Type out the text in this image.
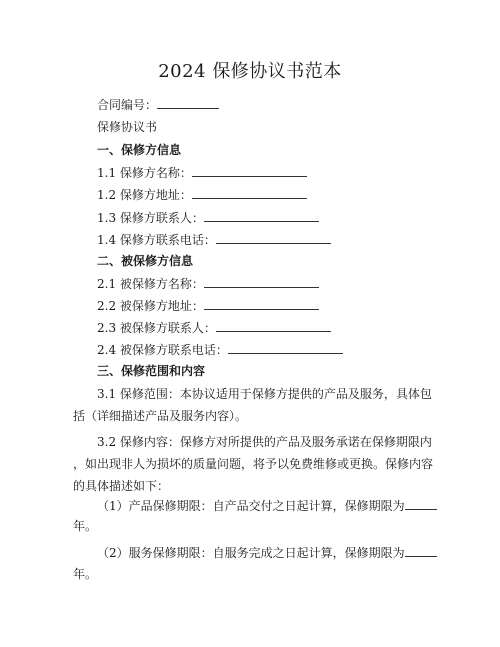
2024 保修协议书范本
合同编号：
保修协议书
一、保修方信息
1.1 保修方名称：
1.2 保修方地址：
1.3 保修方联系人：
1.4 保修方联系电话：
二、被保修方信息
2.1 被保修方名称：
2.2 被保修方地址：
2.3 被保修方联系人：
2.4 被保修方联系电话：
三、保修范围和内容
3.1 保修范围：本协议适用于保修方提供的产品及服务，具体包
括（详细描述产品及服务内容）。
3.2 保修内容：保修方对所提供的产品及服务承诺在保修期限内
，如出现非人为损坏的质量问题，将予以免费维修或更换。保修内容
的具体描述如下：
（1）产品保修期限：自产品交付之日起计算，保修期限为
年。
（2）服务保修期限：自服务完成之日起计算，保修期限为
年。
